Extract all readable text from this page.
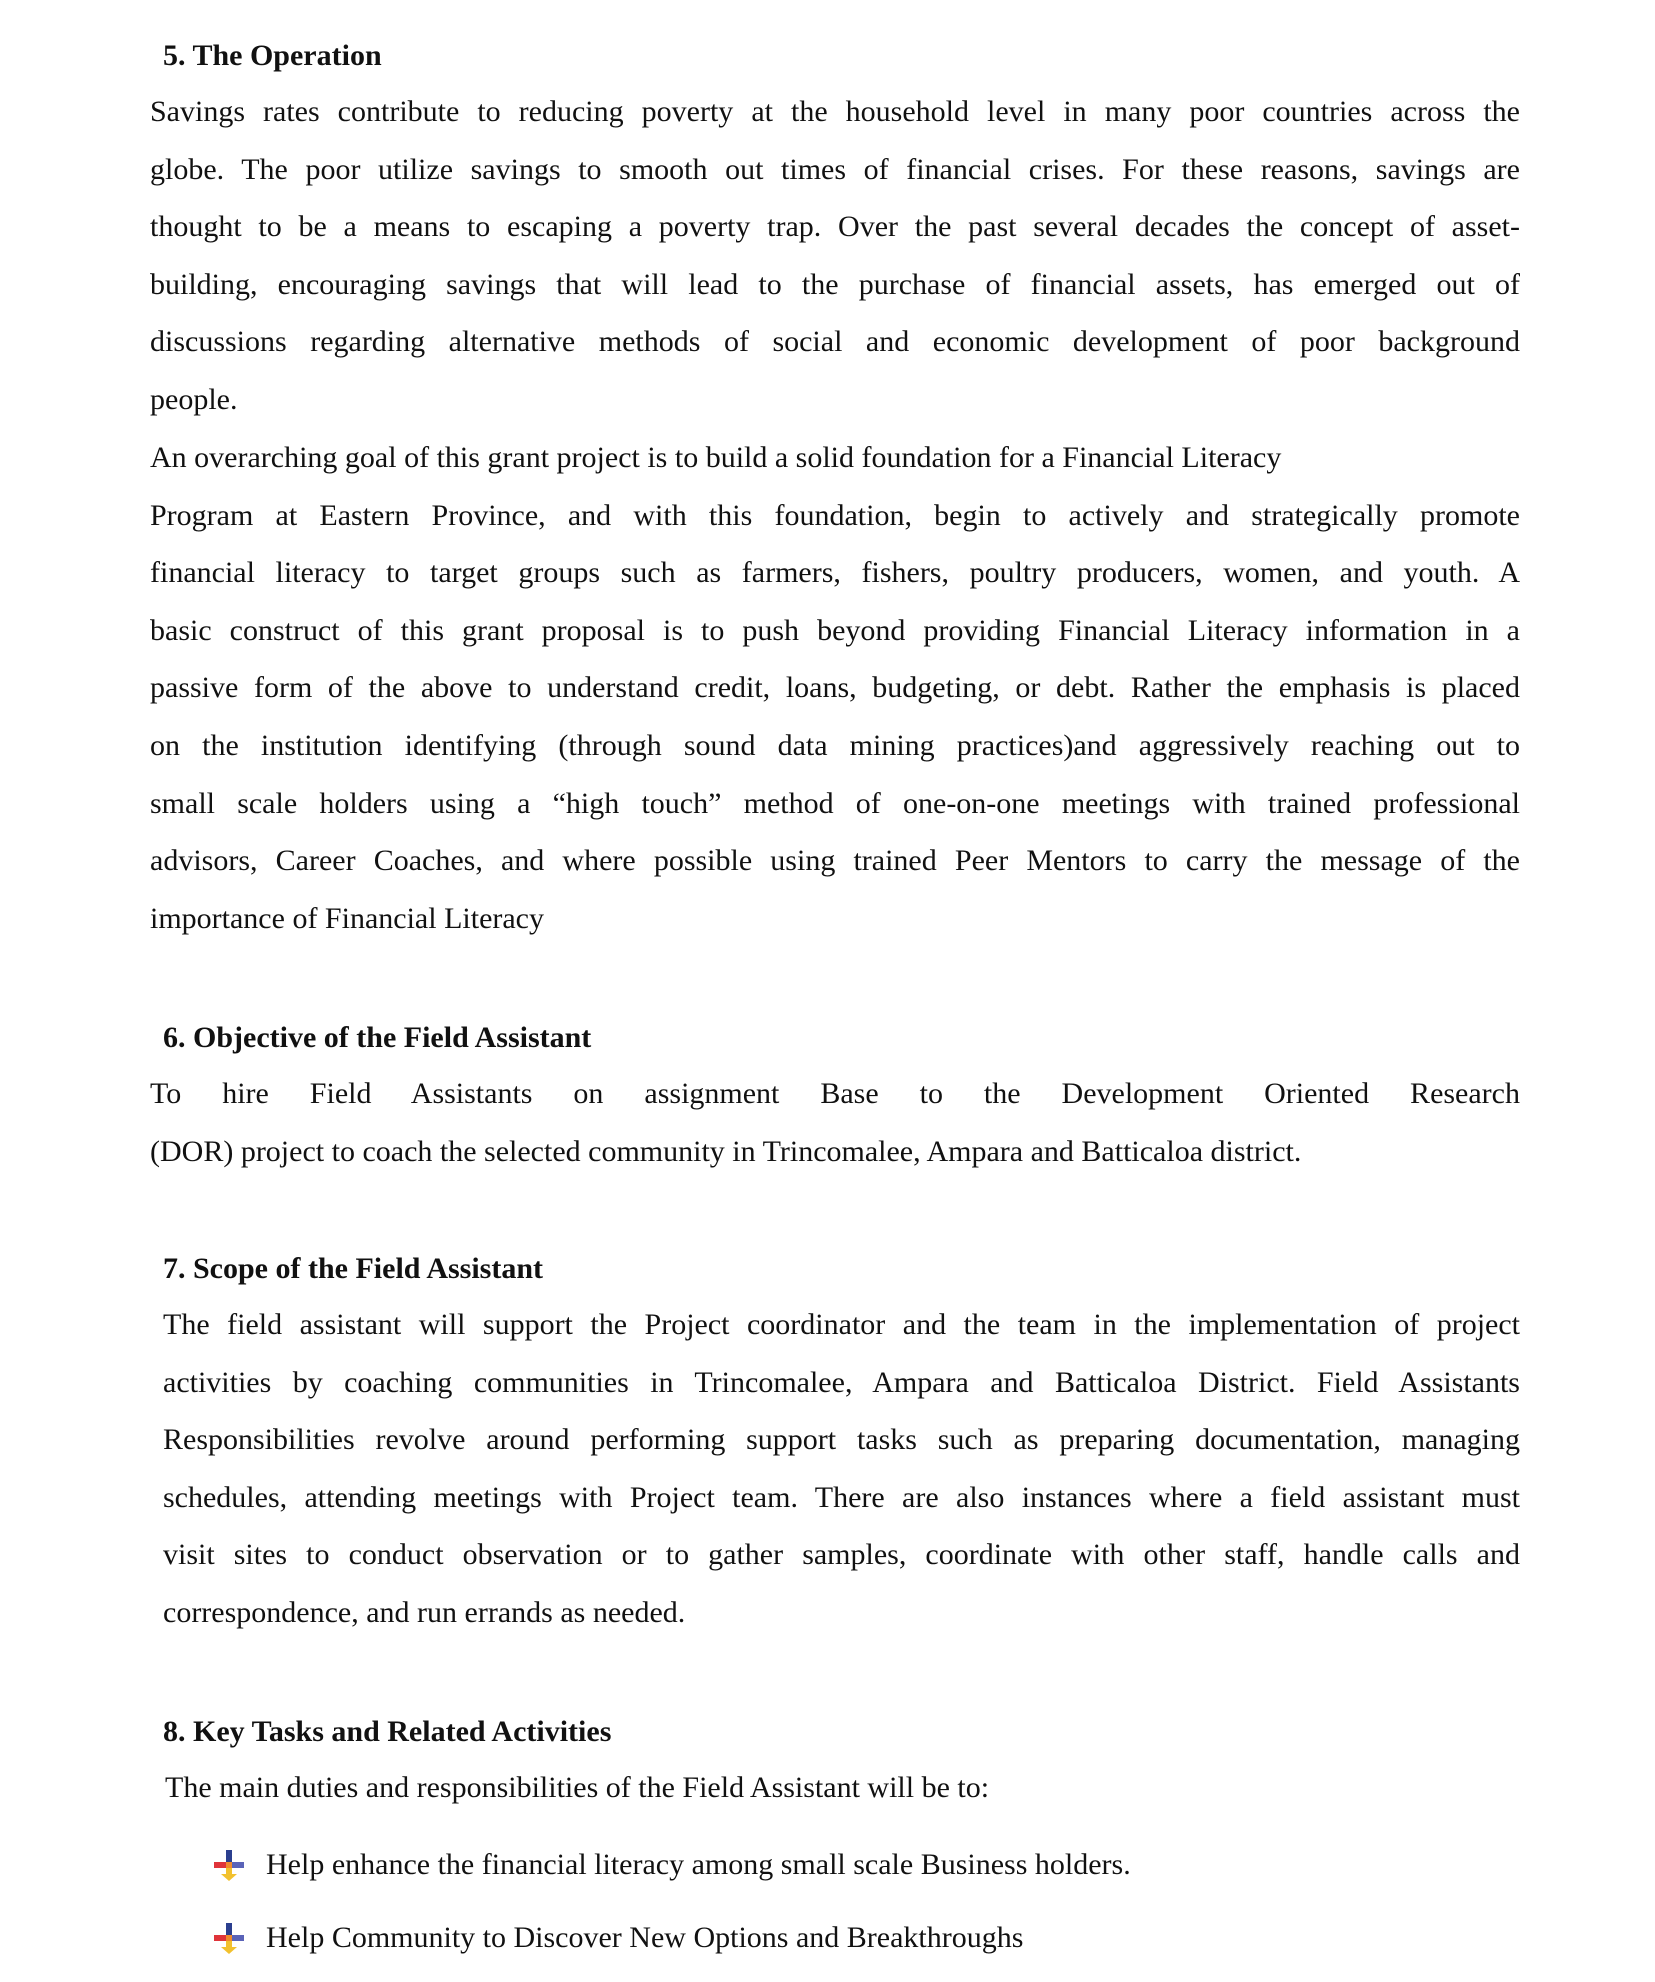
5. The Operation
Savings rates contribute to reducing poverty at the household level in many poor countries across the
globe. The poor utilize savings to smooth out times of financial crises. For these reasons, savings are
thought to be a means to escaping a poverty trap. Over the past several decades the concept of asset-
building, encouraging savings that will lead to the purchase of financial assets, has emerged out of
discussions regarding alternative methods of social and economic development of poor background
people.
An overarching goal of this grant project is to build a solid foundation for a Financial Literacy
Program at Eastern Province, and with this foundation, begin to actively and strategically promote
financial literacy to target groups such as farmers, fishers, poultry producers, women, and youth. A
basic construct of this grant proposal is to push beyond providing Financial Literacy information in a
passive form of the above to understand credit, loans, budgeting, or debt. Rather the emphasis is placed
on the institution identifying (through sound data mining practices)and aggressively reaching out to
small scale holders using a “high touch” method of one-on-one meetings with trained professional
advisors, Career Coaches, and where possible using trained Peer Mentors to carry the message of the
importance of Financial Literacy
6. Objective of the Field Assistant
To hire Field Assistants on assignment Base to the Development Oriented Research
(DOR) project to coach the selected community in Trincomalee, Ampara and Batticaloa district.
7. Scope of the Field Assistant
The field assistant will support the Project coordinator and the team in the implementation of project
activities by coaching communities in Trincomalee, Ampara and Batticaloa District. Field Assistants
Responsibilities revolve around performing support tasks such as preparing documentation, managing
schedules, attending meetings with Project team. There are also instances where a field assistant must
visit sites to conduct observation or to gather samples, coordinate with other staff, handle calls and
correspondence, and run errands as needed.
8. Key Tasks and Related Activities
The main duties and responsibilities of the Field Assistant will be to:
Help enhance the financial literacy among small scale Business holders.
Help Community to Discover New Options and Breakthroughs
